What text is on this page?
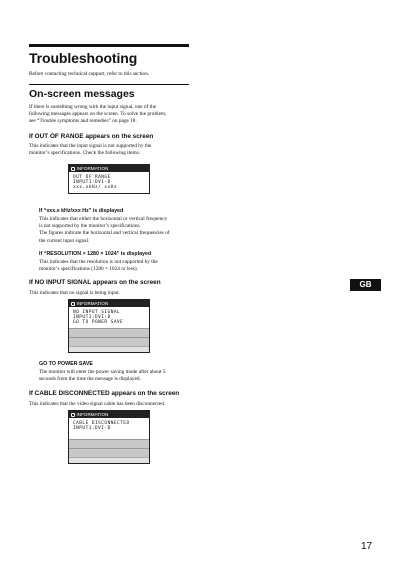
Troubleshooting
Before contacting technical support, refer to this section.
On-screen messages
If there is something wrong with the input signal, one of the
following messages appears on the screen. To solve the problem,
see “Trouble symptoms and remedies” on page 18.
If OUT OF RANGE appears on the screen
This indicates that the input signal is not supported by the
monitor’s specifications. Check the following items.
INFORMATION
OUT OF RANGE
INPUT1:DVI-D
xxx.xkHz/ xxHz
If “xxx.x kHz/xxx Hz” is displayed
This indicates that either the horizontal or vertical frequency
is not supported by the monitor’s specifications.
The figures indicate the horizontal and vertical frequencies of
the current input signal.
If “RESOLUTION > 1280 × 1024” is displayed
This indicates that the resolution is not supported by the
monitor’s specifications (1280 × 1024 or less).
If NO INPUT SIGNAL appears on the screen
This indicates that no signal is being input.
INFORMATION
NO INPUT SIGNAL
INPUT1:DVI-D
GO TO POWER SAVE
GO TO POWER SAVE
The monitor will enter the power saving mode after about 5
seconds from the time the message is displayed.
If CABLE DISCONNECTED appears on the screen
This indicates that the video signal cable has been disconnected.
INFORMATION
CABLE DISCONNECTED
INPUT1:DVI-D

GB
17
